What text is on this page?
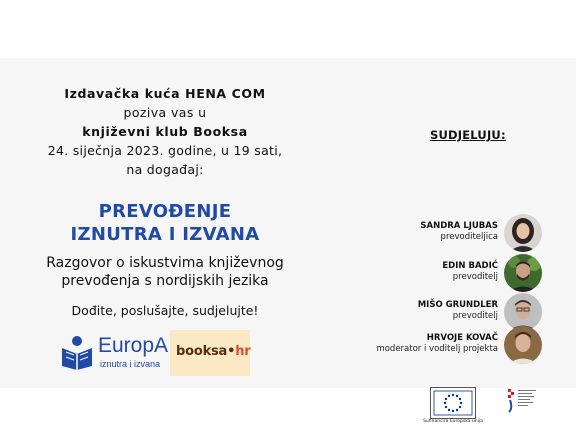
Izdavačka kuća HENA COM
poziva vas u
književni klub Booksa
24. siječnja 2023. godine, u 19 sati,
na događaj:
PREVOĐENJE
IZNUTRA I IZVANA
Razgovor o iskustvima književnog
prevođenja s nordijskih jezika
Dođite, poslušajte, sudjelujte!
EuropA
iznutra i izvana
booksa•hr
SUDJELUJU:
SANDRA LJUBAS
prevoditeljica
EDIN BADIĆ
prevoditelj
MIŠO GRUNDLER
prevoditelj
HRVOJE KOVAČ
moderator i voditelj projekta
Sufinancira Europska unija
